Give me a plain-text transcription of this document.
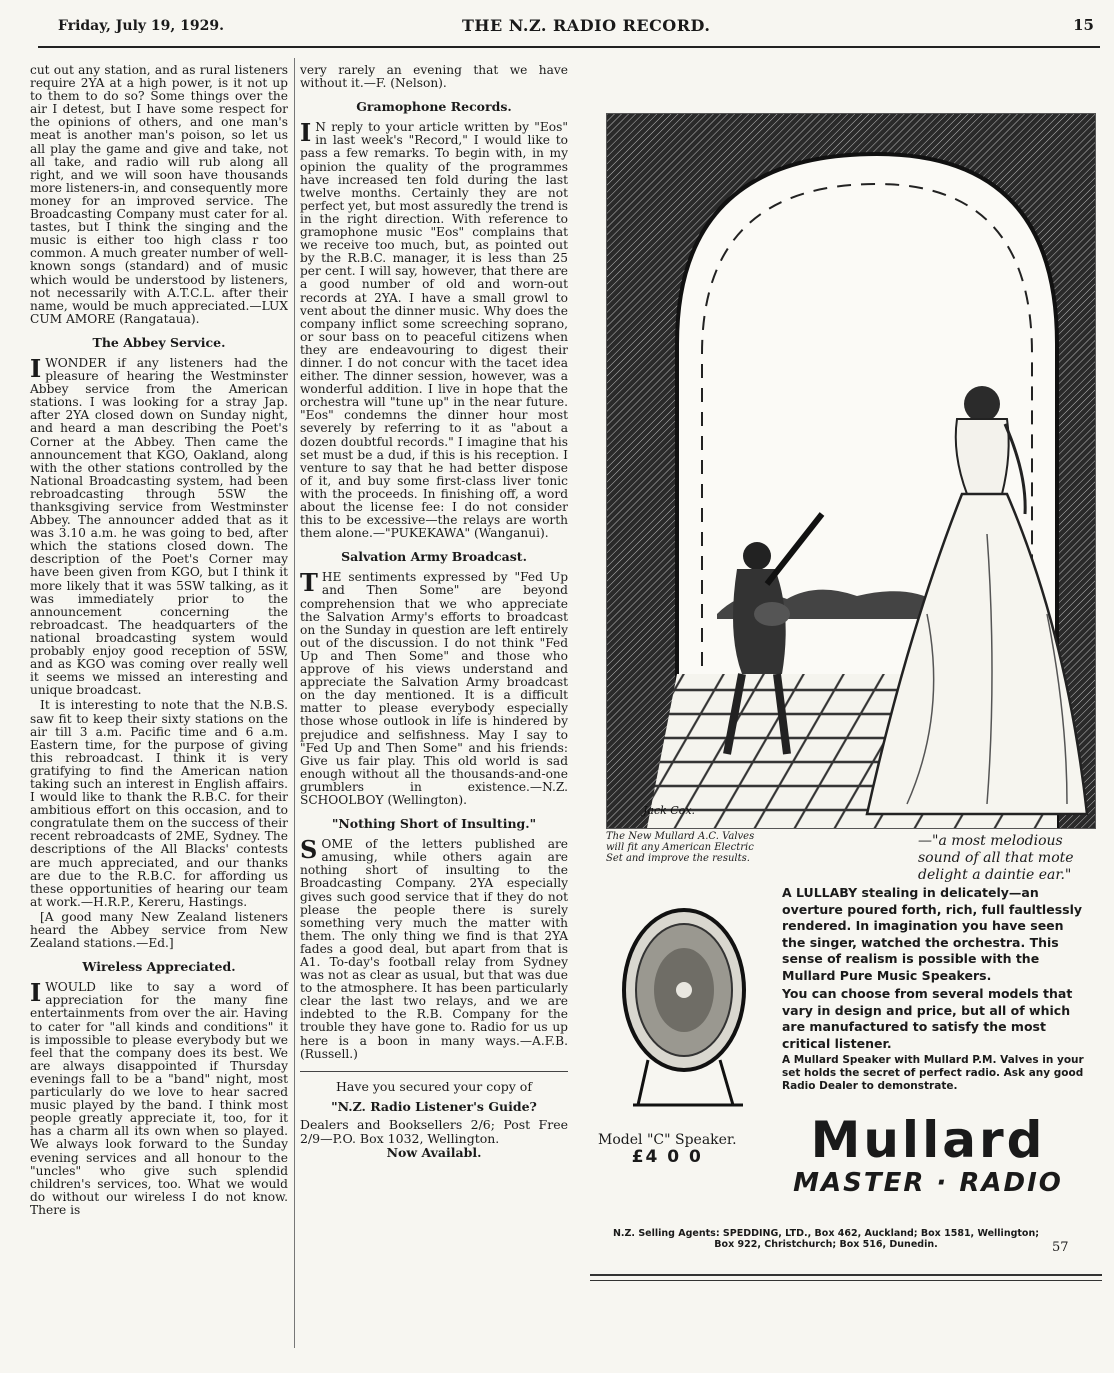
Friday, July 19, 1929.	THE N.Z. RADIO RECORD.	15

cut out any station, and as rural listeners require 2YA at a high power, is it not up to them to do so? Some things over the air I detest, but I have some respect for the opinions of others, and one man's meat is another man's poison, so let us all play the game and give and take, not all take, and radio will rub along all right, and we will soon have thousands more listeners-in, and consequently more money for an improved service. The Broadcasting Company must cater for al. tastes, but I think the singing and the music is either too high class r too common. A much greater number of well-known songs (standard) and of music which would be understood by listeners, not necessarily with A.T.C.L. after their name, would be much appreciated.—LUX CUM AMORE (Rangataua).

The Abbey Service.

IWONDER if any listeners had the pleasure of hearing the Westminster Abbey service from the American stations. I was looking for a stray Jap. after 2YA closed down on Sunday night, and heard a man describing the Poet's Corner at the Abbey. Then came the announcement that KGO, Oakland, along with the other stations controlled by the National Broadcasting system, had been rebroadcasting through 5SW the thanksgiving service from Westminster Abbey. The announcer added that as it was 3.10 a.m. he was going to bed, after which the stations closed down. The description of the Poet's Corner may have been given from KGO, but I think it more likely that it was 5SW talking, as it was immediately prior to the announcement concerning the rebroadcast. The headquarters of the national broadcasting system would probably enjoy good reception of 5SW, and as KGO was coming over really well it seems we missed an interesting and unique broadcast.

It is interesting to note that the N.B.S. saw fit to keep their sixty stations on the air till 3 a.m. Pacific time and 6 a.m. Eastern time, for the purpose of giving this rebroadcast. I think it is very gratifying to find the American nation taking such an interest in English affairs. I would like to thank the R.B.C. for their ambitious effort on this occasion, and to congratulate them on the success of their recent rebroadcasts of 2ME, Sydney. The descriptions of the All Blacks' contests are much appreciated, and our thanks are due to the R.B.C. for affording us these opportunities of hearing our team at work.—H.R.P., Kereru, Hastings.

[A good many New Zealand listeners heard the Abbey service from New Zealand stations.—Ed.]

Wireless Appreciated.

IWOULD like to say a word of appreciation for the many fine entertainments from over the air. Having to cater for "all kinds and conditions" it is impossible to please everybody but we feel that the company does its best. We are always disappointed if Thursday evenings fall to be a "band" night, most particularly do we love to hear sacred music played by the band. I think most people greatly appreciate it, too, for it has a charm all its own when so played. We always look forward to the Sunday evening services and all honour to the "uncles" who give such splendid children's services, too. What we would do without our wireless I do not know. There is

very rarely an evening that we have without it.—F. (Nelson).

Gramophone Records.

I N reply to your article written by "Eos" in last week's "Record," I would like to pass a few remarks. To begin with, in my opinion the quality of the programmes have increased ten fold during the last twelve months. Certainly they are not perfect yet, but most assuredly the trend is in the right direction. With reference to gramophone music "Eos" complains that we receive too much, but, as pointed out by the R.B.C. manager, it is less than 25 per cent. I will say, however, that there are a good number of old and worn-out records at 2YA. I have a small growl to vent about the dinner music. Why does the company inflict some screeching soprano, or sour bass on to peaceful citizens when they are endeavouring to digest their dinner. I do not concur with the tacet idea either. The dinner session, however, was a wonderful addition. I live in hope that the orchestra will "tune up" in the near future. "Eos" condemns the dinner hour most severely by referring to it as "about a dozen doubtful records." I imagine that his set must be a dud, if this is his reception. I venture to say that he had better dispose of it, and buy some first-class liver tonic with the proceeds. In finishing off, a word about the license fee: I do not consider this to be excessive—the relays are worth them alone.—"PUKEKAWA" (Wanganui).

Salvation Army Broadcast.

THE sentiments expressed by "Fed Up and Then Some" are beyond comprehension that we who appreciate the Salvation Army's efforts to broadcast on the Sunday in question are left entirely out of the discussion. I do not think "Fed Up and Then Some" and those who approve of his views understand and appreciate the Salvation Army broadcast on the day mentioned. It is a difficult matter to please everybody especially those whose outlook in life is hindered by prejudice and selfishness. May I say to "Fed Up and Then Some" and his friends: Give us fair play. This old world is sad enough without all the thousands-and-one grumblers in existence.—N.Z. SCHOOLBOY (Wellington).

"Nothing Short of Insulting."

SOME of the letters published are amusing, while others again are nothing short of insulting to the Broadcasting Company. 2YA especially gives such good service that if they do not please the people there is surely something very much the matter with them. The only thing we find is that 2YA fades a good deal, but apart from that is A1. To-day's football relay from Sydney was not as clear as usual, but that was due to the atmosphere. It has been particularly clear the last two relays, and we are indebted to the R.B. Company for the trouble they have gone to. Radio for us up here is a boon in many ways.—A.F.B. (Russell.)

Have you secured your copy of
"N.Z. Radio Listener's Guide?
Dealers and Booksellers 2/6; Post Free 2/9—P.O. Box 1032, Wellington.
Now Availabl.
Jack Cox.
The New Mullard A.C. Valves will fit any American Electric Set and improve the results.
—"a most melodious sound of all that mote delight a daintie ear."
Model "C" Speaker.
£4 0 0

A LULLABY stealing in delicately—an overture poured forth, rich, full faultlessly rendered. In imagination you have seen the singer, watched the orchestra. This sense of realism is possible with the Mullard Pure Music Speakers.

You can choose from several models that vary in design and price, but all of which are manufactured to satisfy the most critical listener.

A Mullard Speaker with Mullard P.M. Valves in your set holds the secret of perfect radio. Ask any good Radio Dealer to demonstrate.

Mullard
MASTER · RADIO
N.Z. Selling Agents: SPEDDING, LTD., Box 462, Auckland; Box 1581, Wellington; Box 922, Christchurch; Box 516, Dunedin.	57
